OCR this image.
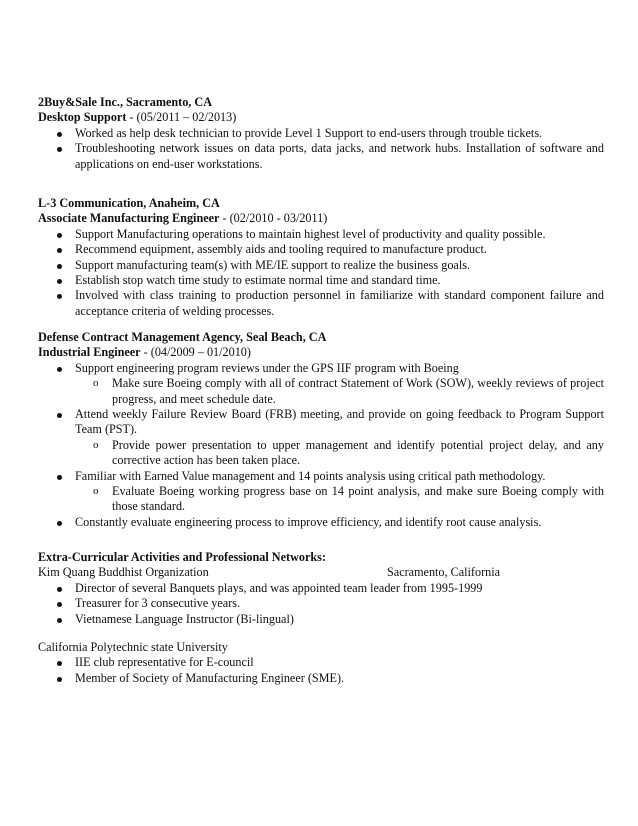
2Buy&Sale Inc., Sacramento, CA

Desktop Support - (05/2011 – 02/2013)

Worked as help desk technician to provide Level 1 Support to end-users through trouble tickets.
Troubleshooting network issues on data ports, data jacks, and network hubs. Installation of software and applications on end-user workstations.

L-3 Communication, Anaheim, CA

Associate Manufacturing Engineer - (02/2010 - 03/2011)

Support Manufacturing operations to maintain highest level of productivity and quality possible.
Recommend equipment, assembly aids and tooling required to manufacture product.
Support manufacturing team(s) with ME/IE support to realize the business goals.
Establish stop watch time study to estimate normal time and standard time.
Involved with class training to production personnel in familiarize with standard component failure and acceptance criteria of welding processes.

Defense Contract Management Agency, Seal Beach, CA

Industrial Engineer - (04/2009 – 01/2010)

Support engineering program reviews under the GPS IIF program with Boeing
o Make sure Boeing comply with all of contract Statement of Work (SOW), weekly reviews of project progress, and meet schedule date.
Attend weekly Failure Review Board (FRB) meeting, and provide on going feedback to Program Support Team (PST).
o Provide power presentation to upper management and identify potential project delay, and any corrective action has been taken place.
Familiar with Earned Value management and 14 points analysis using critical path methodology.
o Evaluate Boeing working progress base on 14 point analysis, and make sure Boeing comply with those standard.
Constantly evaluate engineering process to improve efficiency, and identify root cause analysis.

Extra-Curricular Activities and Professional Networks:

Kim Quang Buddhist Organization	Sacramento, California
Director of several Banquets plays, and was appointed team leader from 1995-1999
Treasurer for 3 consecutive years.
Vietnamese Language Instructor (Bi-lingual)

California Polytechnic state University

IIE club representative for E-council
Member of Society of Manufacturing Engineer (SME).
